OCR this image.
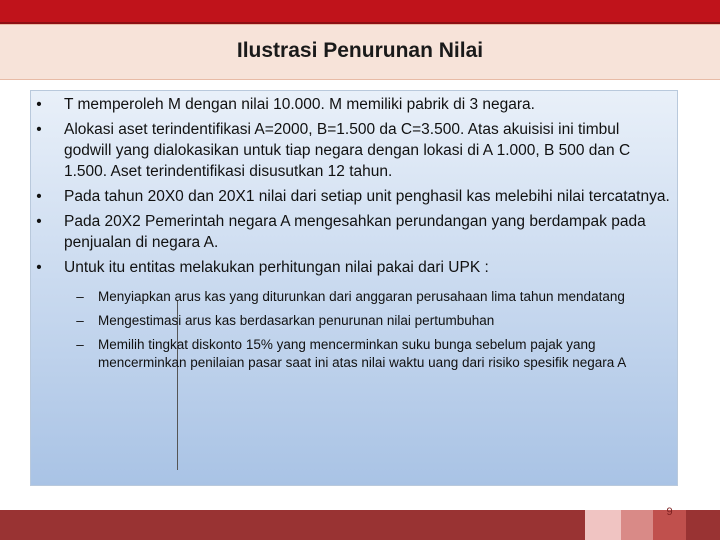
Ilustrasi Penurunan Nilai
• T memperoleh M dengan nilai 10.000. M memiliki pabrik di 3 negara.
• Alokasi aset terindentifikasi A=2000, B=1.500 da C=3.500. Atas akuisisi ini timbul godwill yang dialokasikan untuk tiap negara dengan lokasi di A 1.000, B 500 dan C 1.500. Aset terindentifikasi disusutkan 12 tahun.
• Pada tahun 20X0 dan 20X1 nilai dari setiap unit penghasil kas melebihi nilai tercatatnya.
• Pada 20X2 Pemerintah negara A mengesahkan perundangan yang berdampak pada penjualan di negara A.
• Untuk itu entitas melakukan perhitungan nilai pakai dari UPK :
–	Menyiapkan arus kas yang diturunkan dari anggaran perusahaan lima tahun mendatang
–	Mengestimasi arus kas berdasarkan penurunan nilai pertumbuhan
–	Memilih tingkat diskonto 15% yang mencerminkan suku bunga sebelum pajak yang mencerminkan penilaian pasar saat ini atas nilai waktu uang dari risiko spesifik negara A
9
